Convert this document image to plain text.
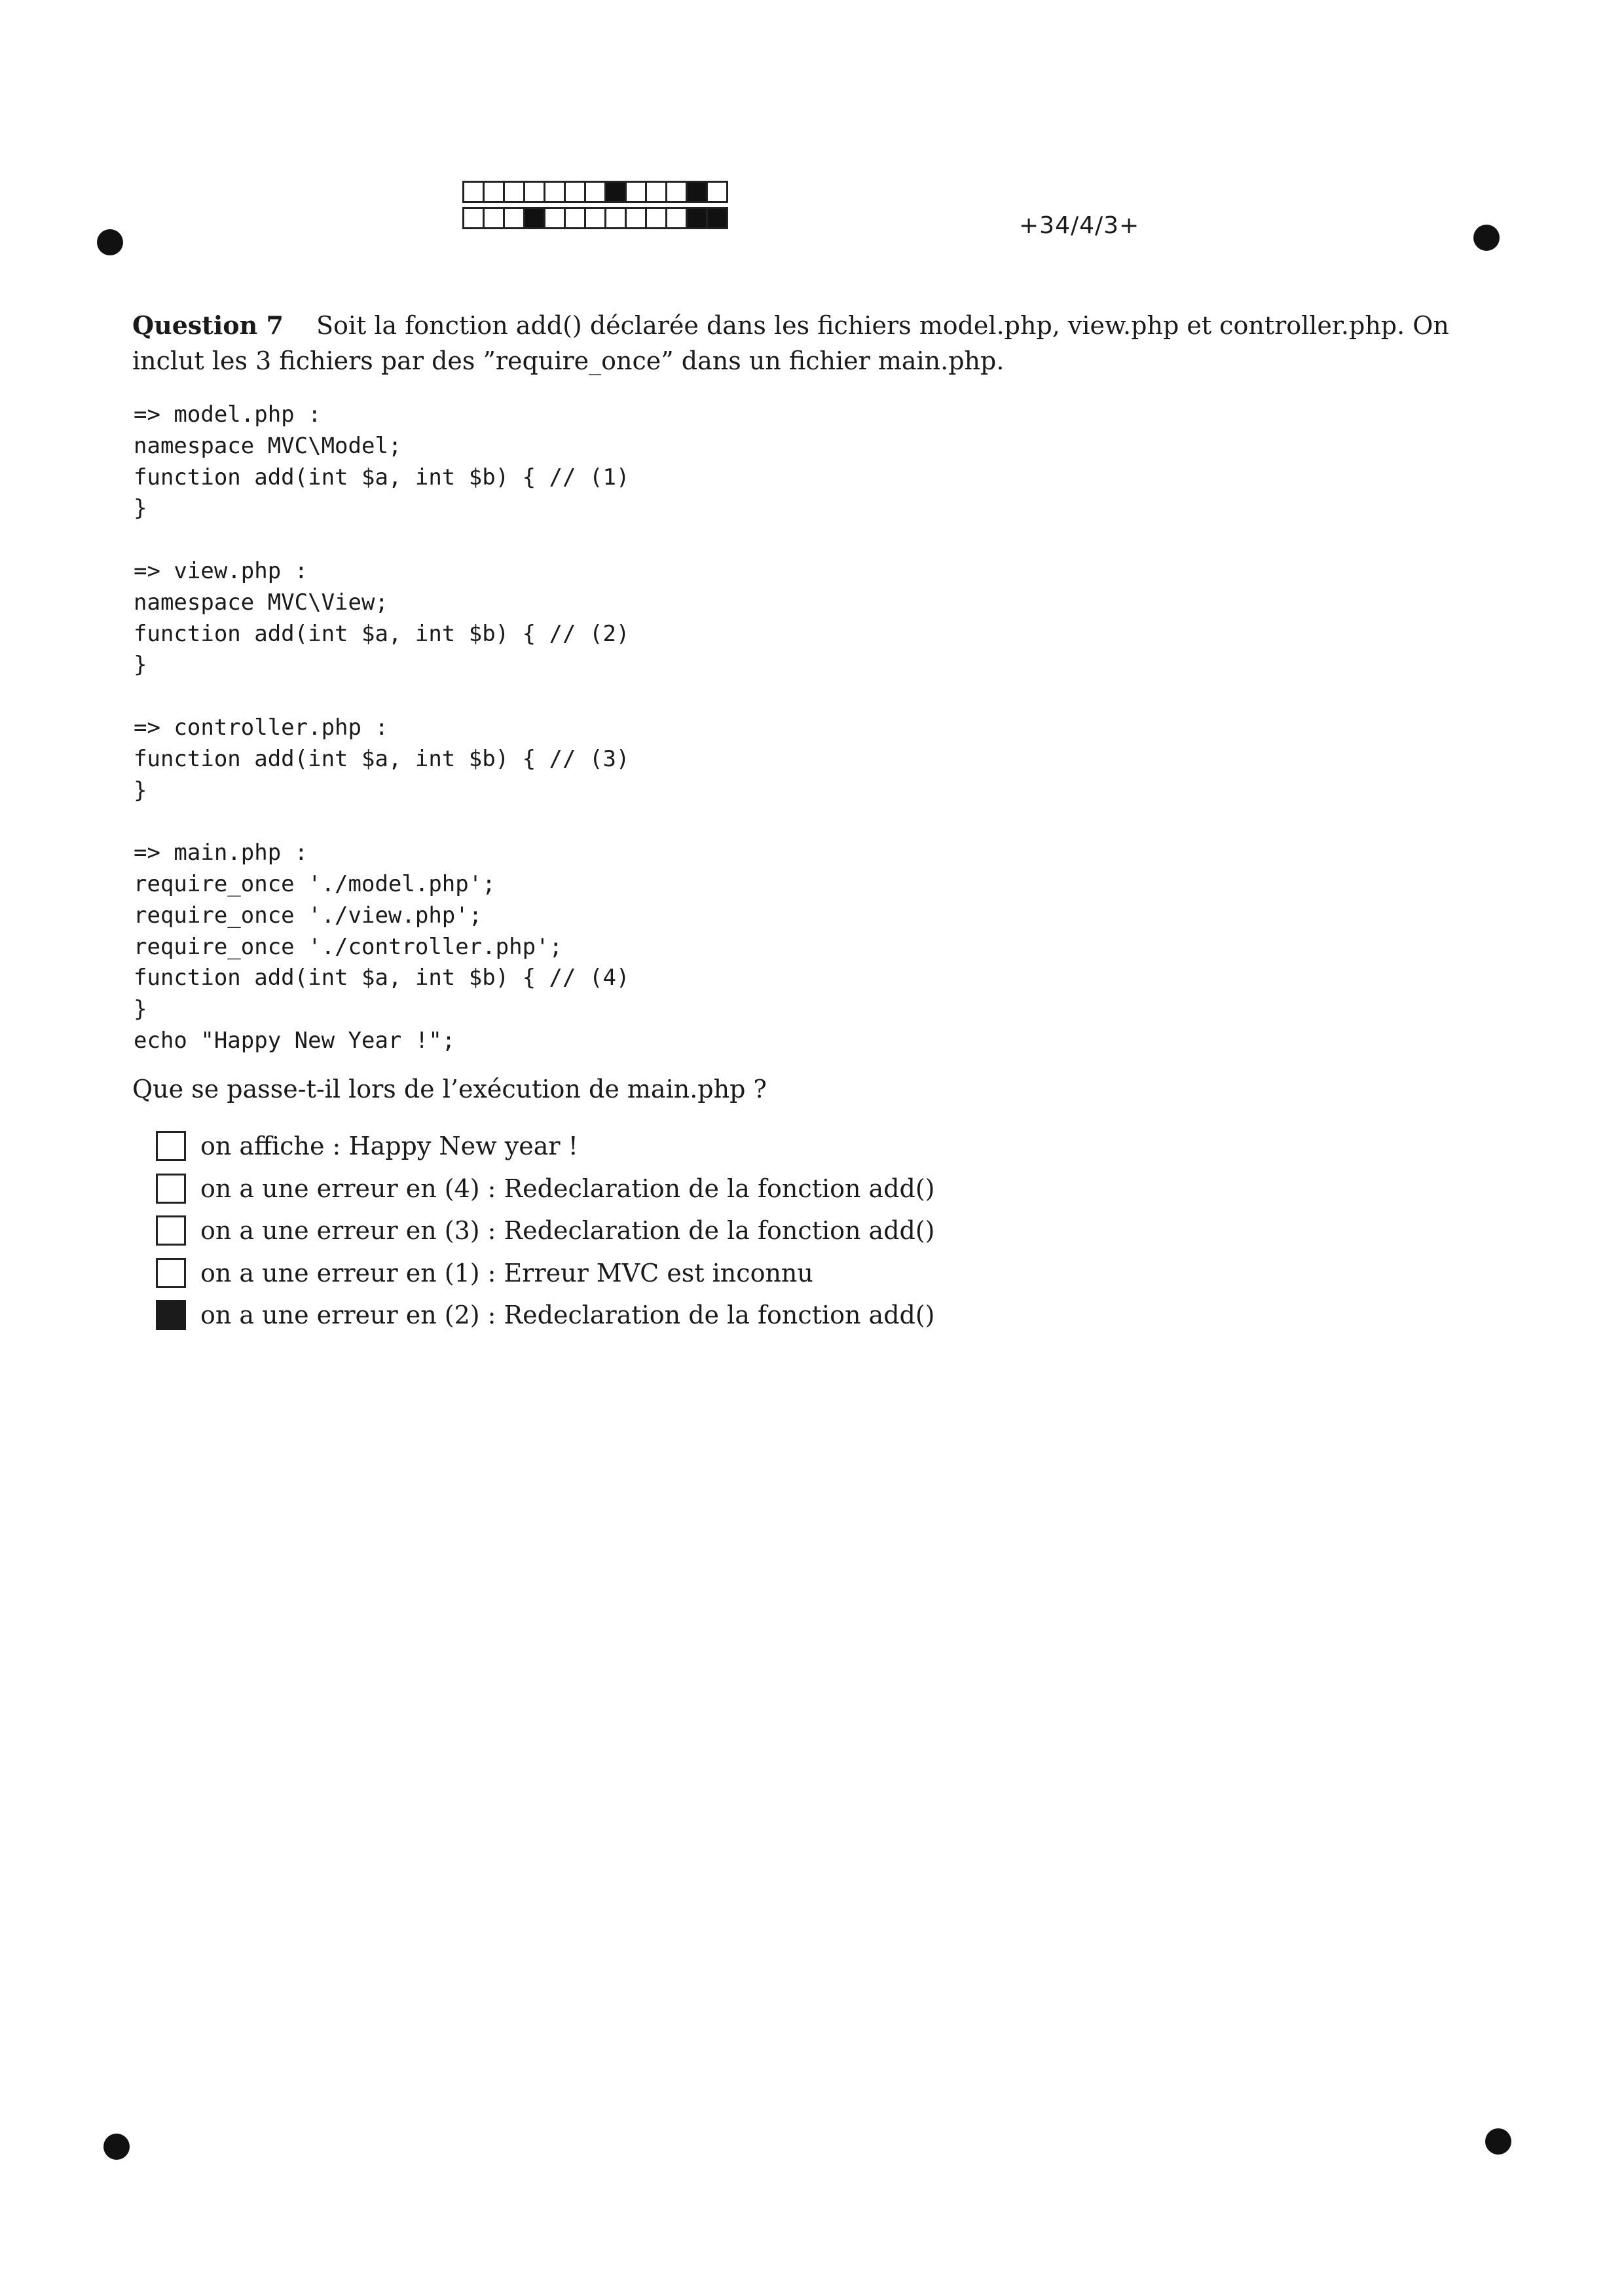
+34/4/3+
Question 7 Soit la fonction add() déclarée dans les fichiers model.php, view.php et controller.php. On inclut les 3 fichiers par des ”require_once” dans un fichier main.php.
=> model.php :
namespace MVC\Model;
function add(int $a, int $b) { // (1)
}
=> view.php :
namespace MVC\View;
function add(int $a, int $b) { // (2)
}
=> controller.php :
function add(int $a, int $b) { // (3)
}
=> main.php :
require_once './model.php';
require_once './view.php';
require_once './controller.php';
function add(int $a, int $b) { // (4)
}
echo "Happy New Year !";
Que se passe-t-il lors de l’exécution de main.php ?
on affiche : Happy New year !
on a une erreur en (4) : Redeclaration de la fonction add()
on a une erreur en (3) : Redeclaration de la fonction add()
on a une erreur en (1) : Erreur MVC est inconnu
on a une erreur en (2) : Redeclaration de la fonction add()
